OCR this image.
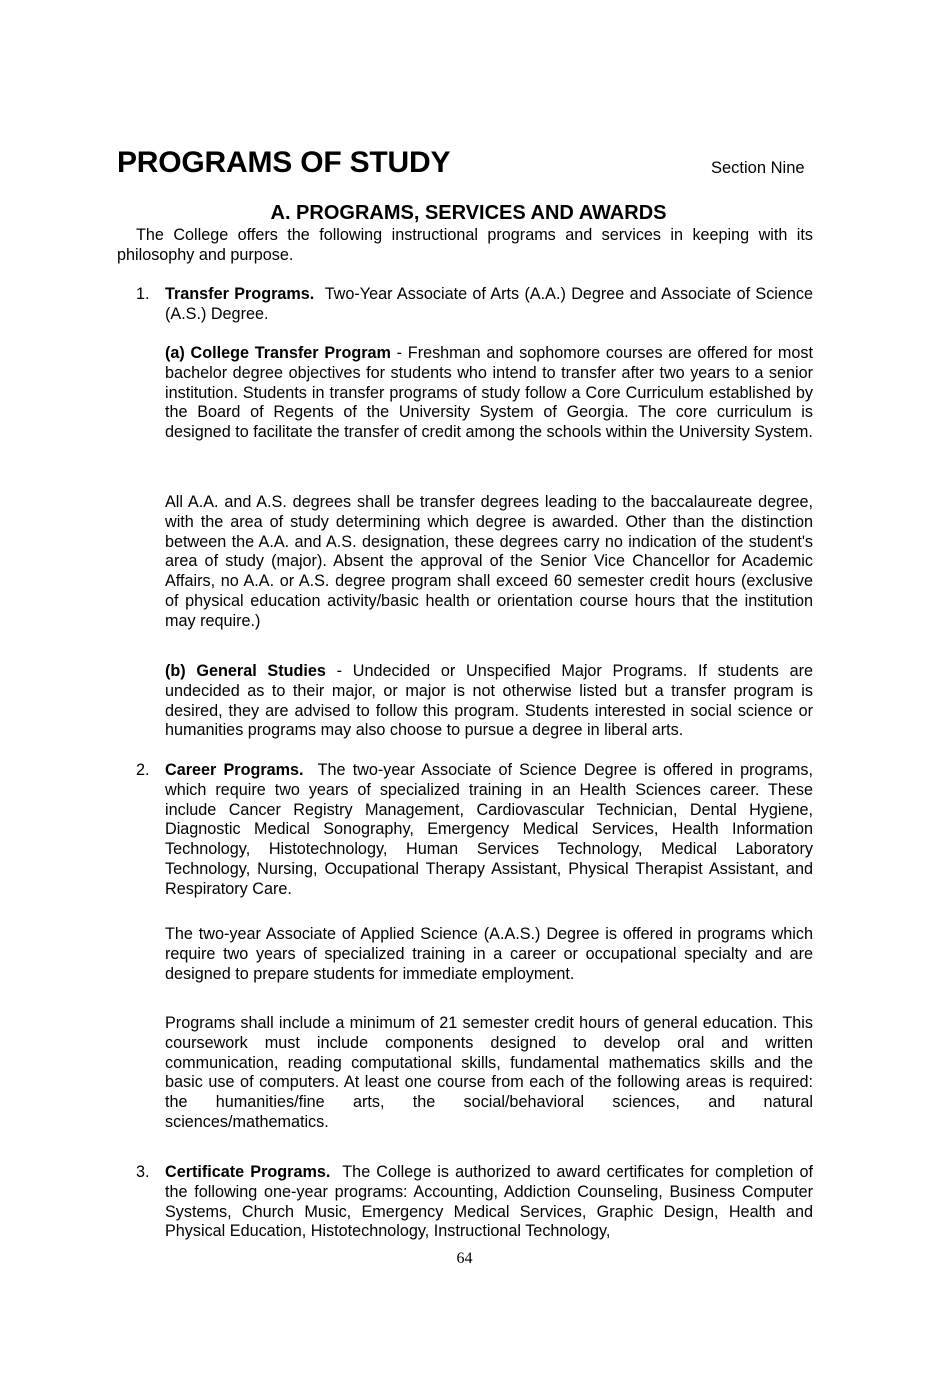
PROGRAMS OF STUDY	Section Nine
A. PROGRAMS, SERVICES AND AWARDS

The College offers the following instructional programs and services in keeping with its philosophy and purpose.

1. Transfer Programs. Two-Year Associate of Arts (A.A.) Degree and Associate of Science (A.S.) Degree.

(a) College Transfer Program - Freshman and sophomore courses are offered for most bachelor degree objectives for students who intend to transfer after two years to a senior institution. Students in transfer programs of study follow a Core Curriculum established by the Board of Regents of the University System of Georgia. The core curriculum is designed to facilitate the transfer of credit among the schools within the University System.

All A.A. and A.S. degrees shall be transfer degrees leading to the baccalaureate degree, with the area of study determining which degree is awarded. Other than the distinction between the A.A. and A.S. designation, these degrees carry no indication of the student's area of study (major). Absent the approval of the Senior Vice Chancellor for Academic Affairs, no A.A. or A.S. degree program shall exceed 60 semester credit hours (exclusive of physical education activity/basic health or orientation course hours that the institution may require.)

(b) General Studies - Undecided or Unspecified Major Programs. If students are undecided as to their major, or major is not otherwise listed but a transfer program is desired, they are advised to follow this program. Students interested in social science or humanities programs may also choose to pursue a degree in liberal arts.

2. Career Programs. The two-year Associate of Science Degree is offered in programs, which require two years of specialized training in an Health Sciences career. These include Cancer Registry Management, Cardiovascular Technician, Dental Hygiene, Diagnostic Medical Sonography, Emergency Medical Services, Health Information Technology, Histotechnology, Human Services Technology, Medical Laboratory Technology, Nursing, Occupational Therapy Assistant, Physical Therapist Assistant, and Respiratory Care.

The two-year Associate of Applied Science (A.A.S.) Degree is offered in programs which require two years of specialized training in a career or occupational specialty and are designed to prepare students for immediate employment.

Programs shall include a minimum of 21 semester credit hours of general education. This coursework must include components designed to develop oral and written communication, reading computational skills, fundamental mathematics skills and the basic use of computers. At least one course from each of the following areas is required: the humanities/fine arts, the social/behavioral sciences, and natural sciences/mathematics.

3. Certificate Programs. The College is authorized to award certificates for completion of the following one-year programs: Accounting, Addiction Counseling, Business Computer Systems, Church Music, Emergency Medical Services, Graphic Design, Health and Physical Education, Histotechnology, Instructional Technology,

64
